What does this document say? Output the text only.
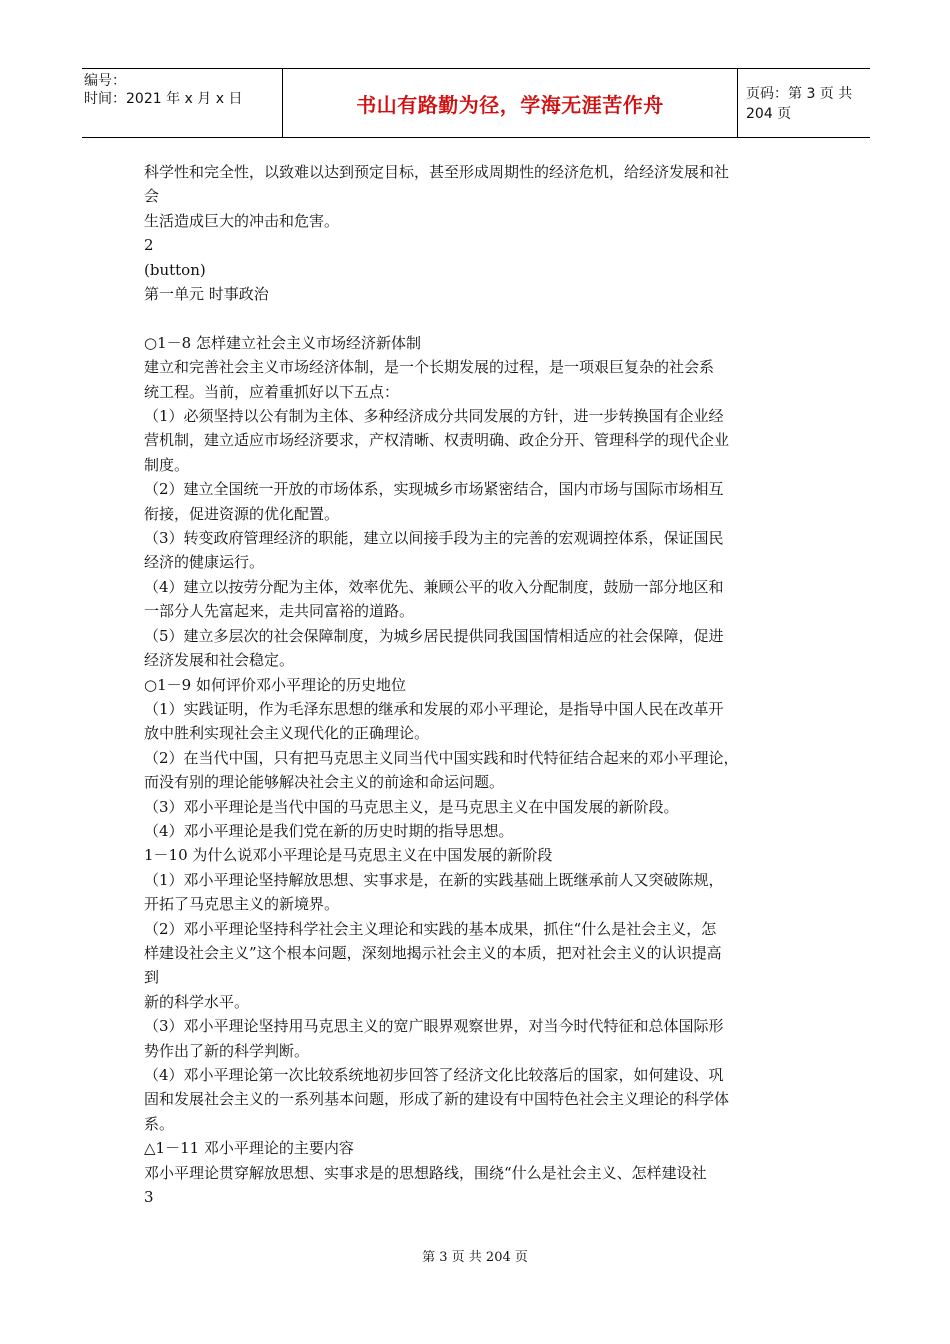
编号：
时间：2021 年 x 月 x 日	书山有路勤为径，学海无涯苦作舟	页码：第 3 页 共 204 页
科学性和完全性，以致难以达到预定目标，甚至形成周期性的经济危机，给经济发展和社
会
生活造成巨大的冲击和危害。
2
(button)
第一单元 时事政治
○1－8 怎样建立社会主义市场经济新体制
建立和完善社会主义市场经济体制，是一个长期发展的过程，是一项艰巨复杂的社会系
统工程。当前，应着重抓好以下五点：
（1）必须坚持以公有制为主体、多种经济成分共同发展的方针，进一步转换国有企业经
营机制，建立适应市场经济要求，产权清晰、权责明确、政企分开、管理科学的现代企业
制度。
（2）建立全国统一开放的市场体系，实现城乡市场紧密结合，国内市场与国际市场相互
衔接，促进资源的优化配置。
（3）转变政府管理经济的职能，建立以间接手段为主的完善的宏观调控体系，保证国民
经济的健康运行。
（4）建立以按劳分配为主体，效率优先、兼顾公平的收入分配制度，鼓励一部分地区和
一部分人先富起来，走共同富裕的道路。
（5）建立多层次的社会保障制度，为城乡居民提供同我国国情相适应的社会保障，促进
经济发展和社会稳定。
○1－9 如何评价邓小平理论的历史地位
（1）实践证明，作为毛泽东思想的继承和发展的邓小平理论，是指导中国人民在改革开
放中胜利实现社会主义现代化的正确理论。
（2）在当代中国，只有把马克思主义同当代中国实践和时代特征结合起来的邓小平理论，
而没有别的理论能够解决社会主义的前途和命运问题。
（3）邓小平理论是当代中国的马克思主义，是马克思主义在中国发展的新阶段。
（4）邓小平理论是我们党在新的历史时期的指导思想。
1－10 为什么说邓小平理论是马克思主义在中国发展的新阶段
（1）邓小平理论坚持解放思想、实事求是，在新的实践基础上既继承前人又突破陈规，
开拓了马克思主义的新境界。
（2）邓小平理论坚持科学社会主义理论和实践的基本成果，抓住“什么是社会主义，怎
样建设社会主义”这个根本问题，深刻地揭示社会主义的本质，把对社会主义的认识提高
到
新的科学水平。
（3）邓小平理论坚持用马克思主义的宽广眼界观察世界，对当今时代特征和总体国际形
势作出了新的科学判断。
（4）邓小平理论第一次比较系统地初步回答了经济文化比较落后的国家，如何建设、巩
固和发展社会主义的一系列基本问题，形成了新的建设有中国特色社会主义理论的科学体
系。
△1－11 邓小平理论的主要内容
邓小平理论贯穿解放思想、实事求是的思想路线，围绕“什么是社会主义、怎样建设社
3
第 3 页 共 204 页
